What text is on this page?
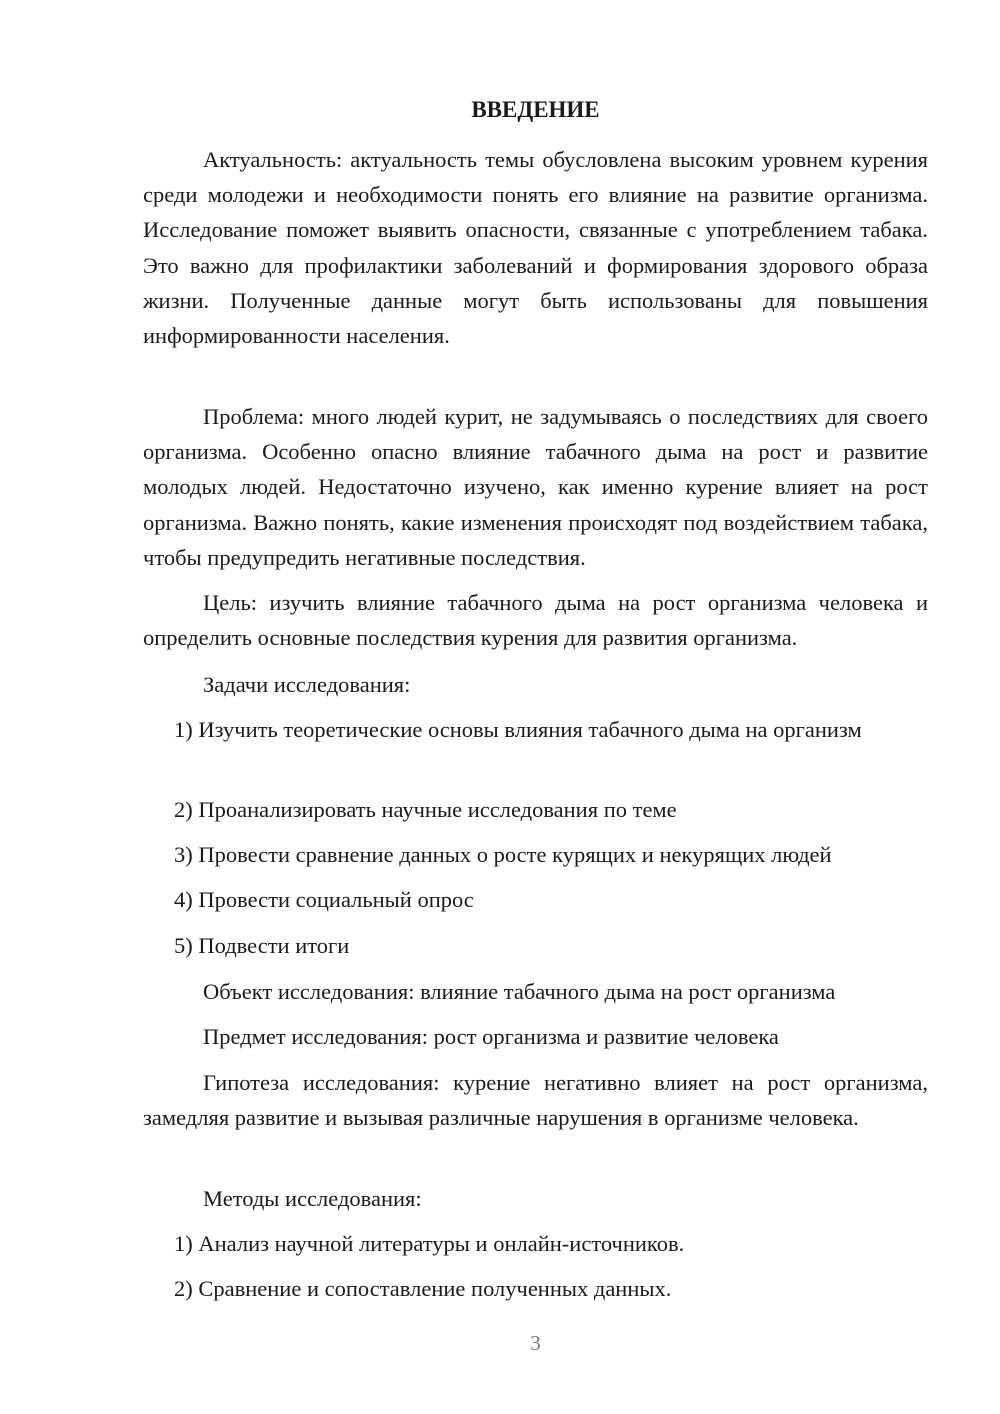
ВВЕДЕНИЕ

Актуальность: актуальность темы обусловлена высоким уровнем курения среди молодежи и необходимости понять его влияние на развитие организма. Исследование поможет выявить опасности, связанные с употреблением табака. Это важно для профилактики заболеваний и формирования здорового образа жизни. Полученные данные могут быть использованы для повышения информированности населения.

Проблема: много людей курит, не задумываясь о последствиях для своего организма. Особенно опасно влияние табачного дыма на рост и развитие молодых людей. Недостаточно изучено, как именно курение влияет на рост организма. Важно понять, какие изменения происходят под воздействием табака, чтобы предупредить негативные последствия.

Цель: изучить влияние табачного дыма на рост организма человека и определить основные последствия курения для развития организма.

Задачи исследования:

1) Изучить теоретические основы влияния табачного дыма на организм

2) Проанализировать научные исследования по теме

3) Провести сравнение данных о росте курящих и некурящих людей

4) Провести социальный опрос

5) Подвести итоги

Объект исследования: влияние табачного дыма на рост организма

Предмет исследования: рост организма и развитие человека

Гипотеза исследования: курение негативно влияет на рост организма, замедляя развитие и вызывая различные нарушения в организме человека.

Методы исследования:

1) Анализ научной литературы и онлайн-источников.

2) Сравнение и сопоставление полученных данных.

3
